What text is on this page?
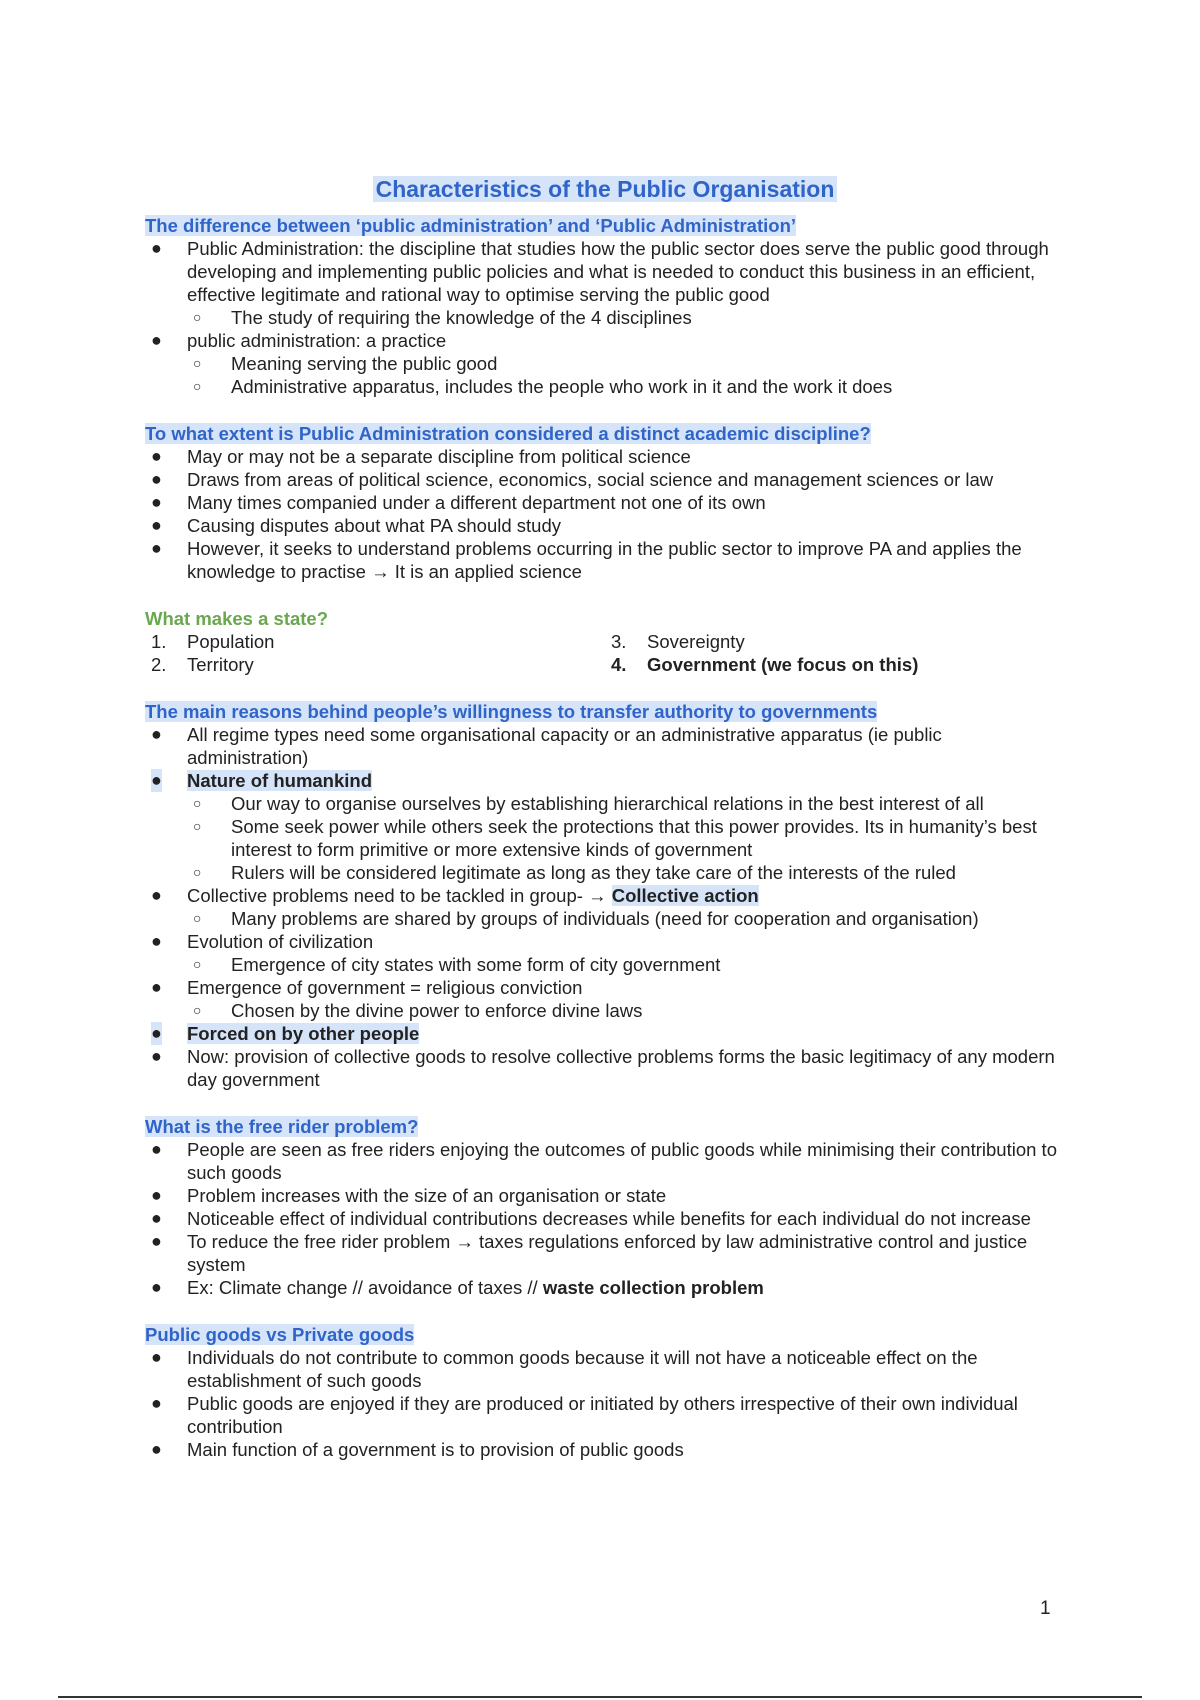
Characteristics of the Public Organisation
The difference between ‘public administration’ and ‘Public Administration’
● Public Administration: the discipline that studies how the public sector does serve the public good through developing and implementing public policies and what is needed to conduct this business in an efficient, effective legitimate and rational way to optimise serving the public good
○ The study of requiring the knowledge of the 4 disciplines
● public administration: a practice
○ Meaning serving the public good
○ Administrative apparatus, includes the people who work in it and the work it does
To what extent is Public Administration considered a distinct academic discipline?
● May or may not be a separate discipline from political science
● Draws from areas of political science, economics, social science and management sciences or law
● Many times companied under a different department not one of its own
● Causing disputes about what PA should study
● However, it seeks to understand problems occurring in the public sector to improve PA and applies the knowledge to practise → It is an applied science
What makes a state?
1. Population
2. Territory
3. Sovereignty
4. Government (we focus on this)
The main reasons behind people’s willingness to transfer authority to governments
● All regime types need some organisational capacity or an administrative apparatus (ie public administration)
● Nature of humankind
○ Our way to organise ourselves by establishing hierarchical relations in the best interest of all
○ Some seek power while others seek the protections that this power provides. Its in humanity’s best interest to form primitive or more extensive kinds of government
○ Rulers will be considered legitimate as long as they take care of the interests of the ruled
● Collective problems need to be tackled in group- → Collective action
○ Many problems are shared by groups of individuals (need for cooperation and organisation)
● Evolution of civilization
○ Emergence of city states with some form of city government
● Emergence of government = religious conviction
○ Chosen by the divine power to enforce divine laws
● Forced on by other people
● Now: provision of collective goods to resolve collective problems forms the basic legitimacy of any modern day government
What is the free rider problem?
● People are seen as free riders enjoying the outcomes of public goods while minimising their contribution to such goods
● Problem increases with the size of an organisation or state
● Noticeable effect of individual contributions decreases while benefits for each individual do not increase
● To reduce the free rider problem → taxes regulations enforced by law administrative control and justice system
● Ex: Climate change // avoidance of taxes // waste collection problem
Public goods vs Private goods
● Individuals do not contribute to common goods because it will not have a noticeable effect on the establishment of such goods
● Public goods are enjoyed if they are produced or initiated by others irrespective of their own individual contribution
● Main function of a government is to provision of public goods
1
